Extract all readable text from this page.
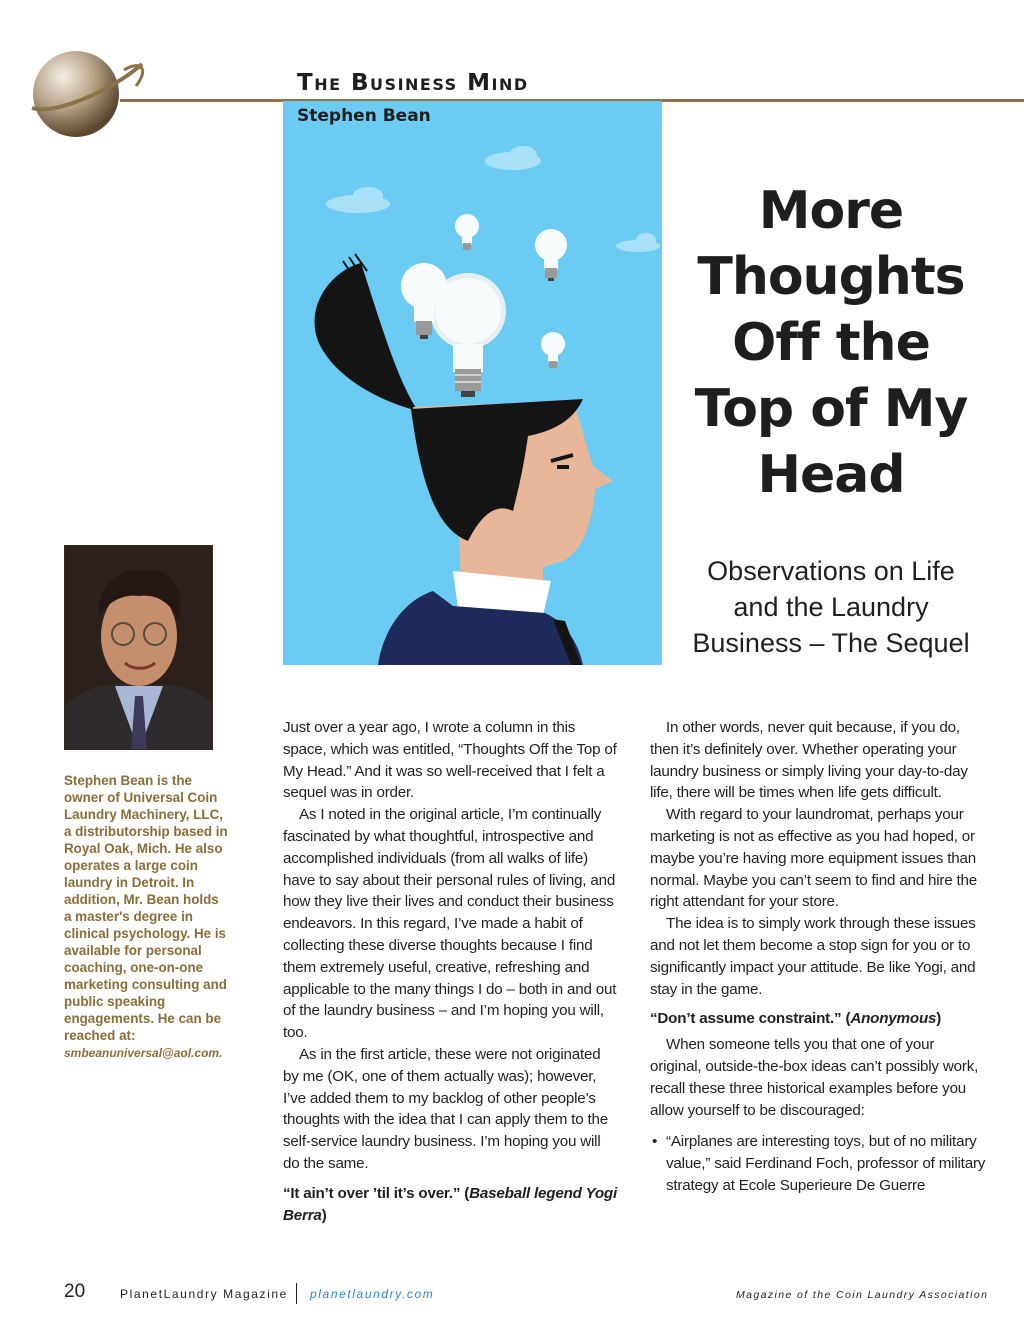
The Business Mind
Stephen Bean
More
Thoughts
Off the
Top of My
Head
Observations on Life
and the Laundry
Business – The Sequel
Stephen Bean is the owner of Universal Coin Laundry Machinery, LLC, a distributorship based in Royal Oak, Mich. He also operates a large coin laundry in Detroit. In addition, Mr. Bean holds a master's degree in clinical psychology. He is available for personal coaching, one-on-one marketing consulting and public speaking engagements. He can be reached at:
smbeanuniversal@aol.com.

Just over a year ago, I wrote a column in this space, which was entitled, “Thoughts Off the Top of My Head.” And it was so well-received that I felt a sequel was in order.

As I noted in the original article, I’m continually fascinated by what thoughtful, introspective and accomplished individuals (from all walks of life) have to say about their personal rules of living, and how they live their lives and conduct their business endeavors. In this regard, I’ve made a habit of collecting these diverse thoughts because I find them extremely useful, creative, refreshing and applicable to the many things I do – both in and out of the laundry business – and I’m hoping you will, too.

As in the first article, these were not originated by me (OK, one of them actually was); however, I’ve added them to my backlog of other people’s thoughts with the idea that I can apply them to the self-service laundry business. I’m hoping you will do the same.

“It ain’t over ’til it’s over.” (Baseball legend Yogi Berra)

In other words, never quit because, if you do, then it’s definitely over. Whether operating your laundry business or simply living your day-to-day life, there will be times when life gets difficult.

With regard to your laundromat, perhaps your marketing is not as effective as you had hoped, or maybe you’re having more equipment issues than normal. Maybe you can’t seem to find and hire the right attendant for your store.

The idea is to simply work through these issues and not let them become a stop sign for you or to significantly impact your attitude. Be like Yogi, and stay in the game.

“Don’t assume constraint.” (Anonymous)

When someone tells you that one of your original, outside-the-box ideas can’t possibly work, recall these three historical examples before you allow yourself to be discouraged:

• “Airplanes are interesting toys, but of no military value,” said Ferdinand Foch, professor of military strategy at Ecole Superieure De Guerre
20	PlanetLaundry Magazine planetlaundry.com	Magazine of the Coin Laundry Association
